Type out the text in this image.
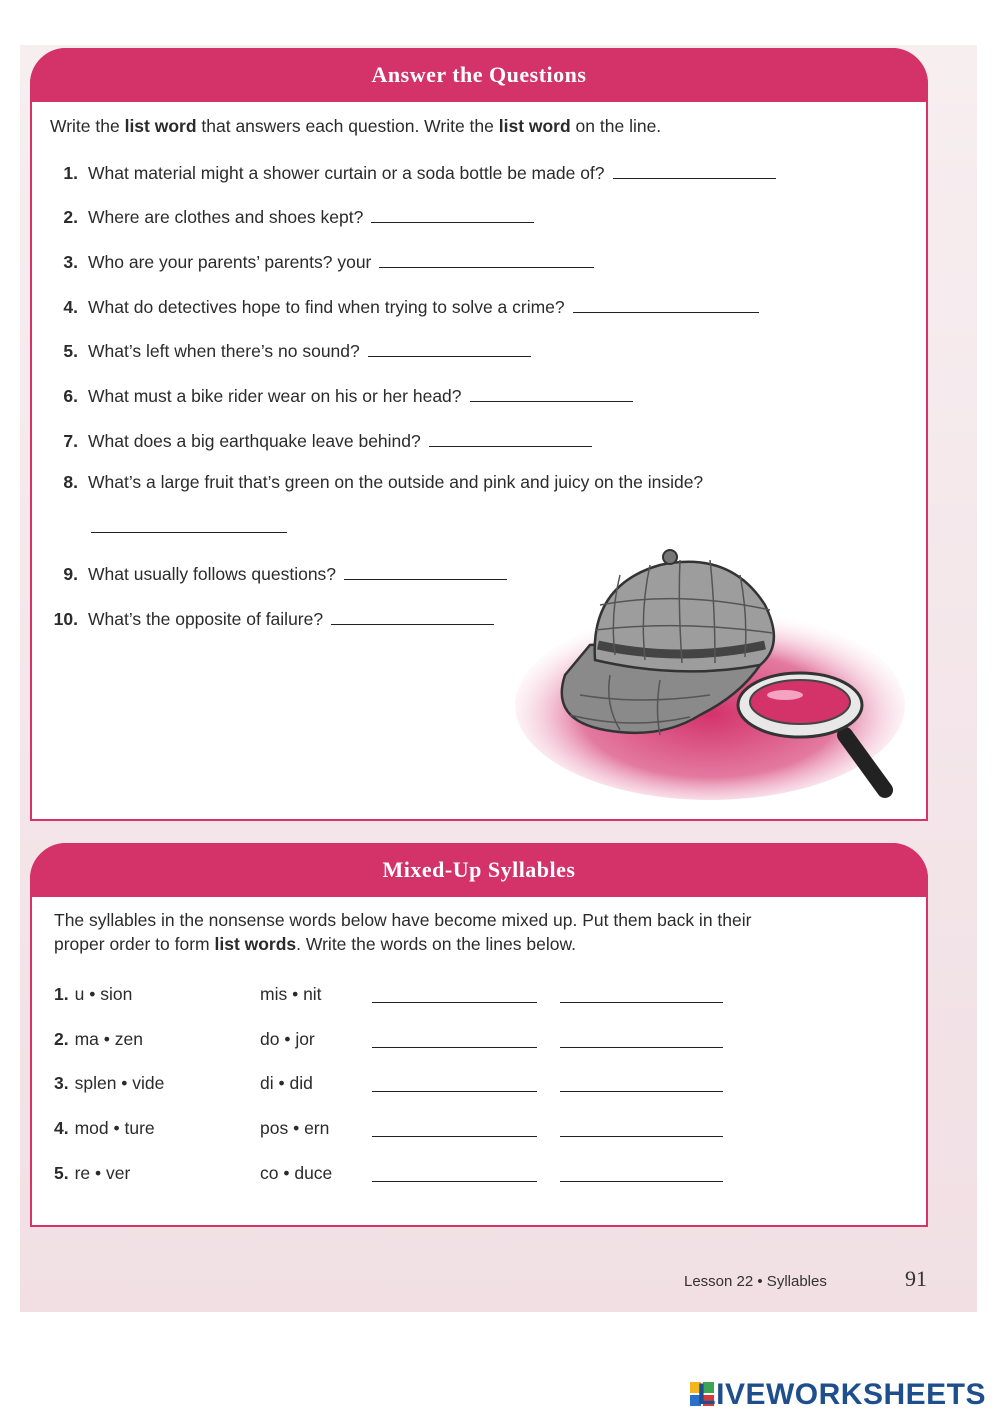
Answer the Questions
Write the list word that answers each question. Write the list word on the line.
1. What material might a shower curtain or a soda bottle be made of?
2. Where are clothes and shoes kept?
3. Who are your parents’ parents? your
4. What do detectives hope to find when trying to solve a crime?
5. What’s left when there’s no sound?
6. What must a bike rider wear on his or her head?
7. What does a big earthquake leave behind?
8. What’s a large fruit that’s green on the outside and pink and juicy on the inside?
9. What usually follows questions?
10. What’s the opposite of failure?
Mixed-Up Syllables
The syllables in the nonsense words below have become mixed up. Put them back in their
proper order to form list words. Write the words on the lines below.
1. u • sion	mis • nit
2. ma • zen	do • jor
3. splen • vide	di • did
4. mod • ture	pos • ern
5. re • ver	co • duce
Lesson 22 • Syllables	91
LIVEWORKSHEETS
